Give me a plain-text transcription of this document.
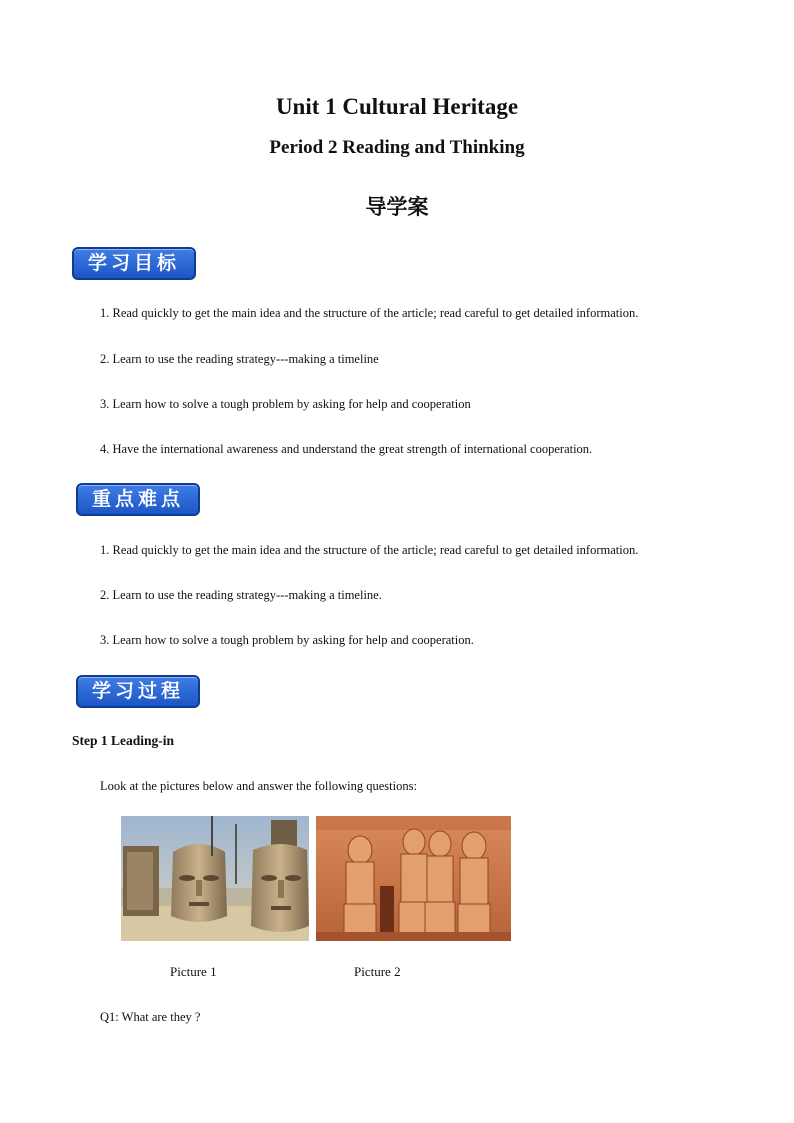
Unit 1 Cultural Heritage
Period 2 Reading and Thinking
导学案
学习目标
1. Read quickly to get the main idea and the structure of the article; read careful to get detailed information.
2. Learn to use the reading strategy---making a timeline
3. Learn how to solve a tough problem by asking for help and cooperation
4. Have the international awareness and understand the great strength of international cooperation.
重点难点
1. Read quickly to get the main idea and the structure of the article; read careful to get detailed information.
2. Learn to use the reading strategy---making a timeline.
3. Learn how to solve a tough problem by asking for help and cooperation.
学习过程
Step 1 Leading-in
Look at the pictures below and answer the following questions:
Picture 1	Picture 2
Q1: What are they ?
